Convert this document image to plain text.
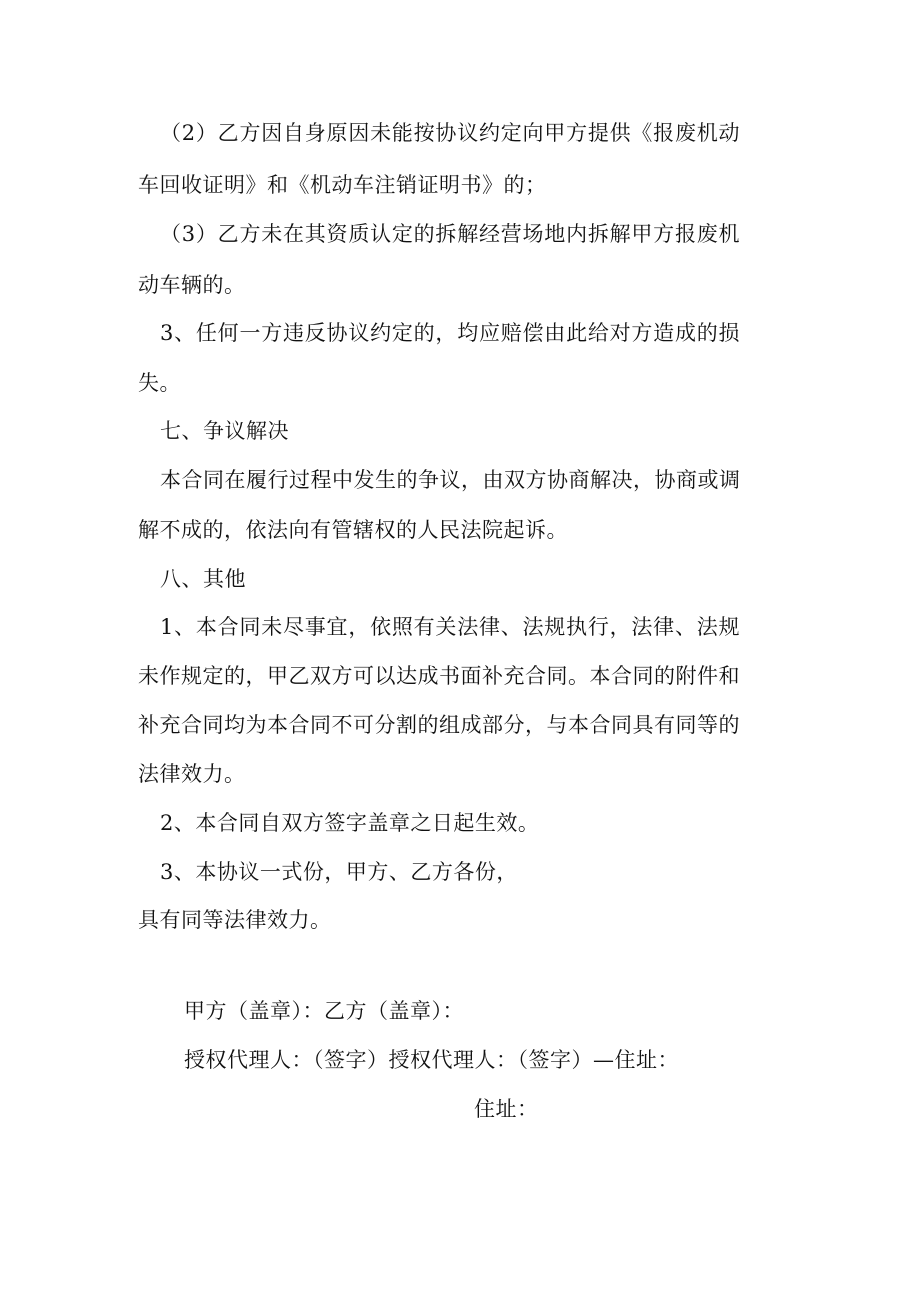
（2）乙方因自身原因未能按协议约定向甲方提供《报废机动
车回收证明》和《机动车注销证明书》的；
（3）乙方未在其资质认定的拆解经营场地内拆解甲方报废机
动车辆的。
3、任何一方违反协议约定的，均应赔偿由此给对方造成的损
失。
七、争议解决
本合同在履行过程中发生的争议，由双方协商解决，协商或调
解不成的，依法向有管辖权的人民法院起诉。
八、其他
1、本合同未尽事宜，依照有关法律、法规执行，法律、法规
未作规定的，甲乙双方可以达成书面补充合同。本合同的附件和
补充合同均为本合同不可分割的组成部分，与本合同具有同等的
法律效力。
2、本合同自双方签字盖章之日起生效。
3、本协议一式份，甲方、乙方各份，
具有同等法律效力。
甲方（盖章）：乙方（盖章）：
授权代理人：（签字）授权代理人：（签字）—住址：
住址：
